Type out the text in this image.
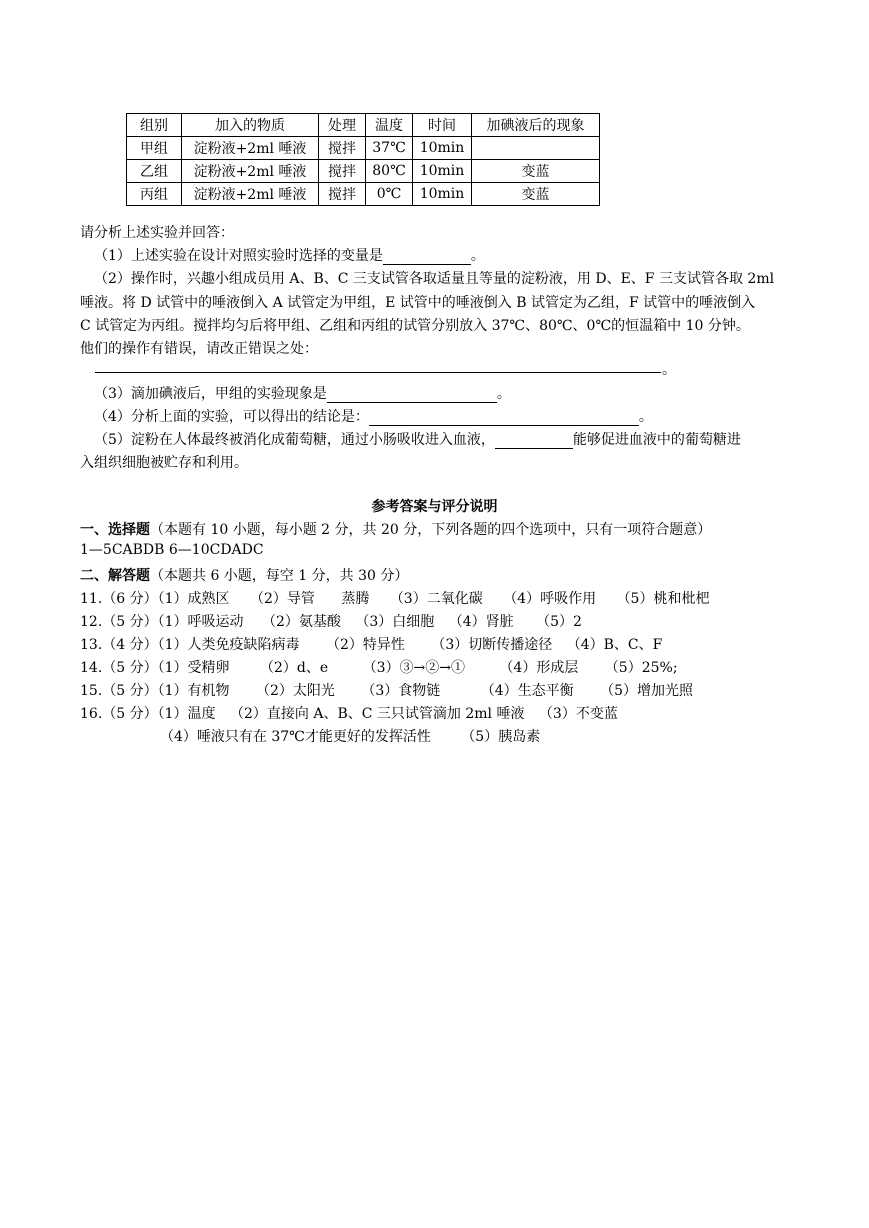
组别	加入的物质	处理	温度	时间	加碘液后的现象
甲组	淀粉液+2ml 唾液	搅拌	37℃	10min	
乙组	淀粉液+2ml 唾液	搅拌	80℃	10min	变蓝
丙组	淀粉液+2ml 唾液	搅拌	0℃	10min	变蓝
请分析上述实验并回答：
（1）上述实验在设计对照实验时选择的变量是	。
（2）操作时，兴趣小组成员用 A、B、C 三支试管各取适量且等量的淀粉液，用 D、E、F 三支试管各取 2ml
唾液。将 D 试管中的唾液倒入 A 试管定为甲组，E 试管中的唾液倒入 B 试管定为乙组，F 试管中的唾液倒入
C 试管定为丙组。搅拌均匀后将甲组、乙组和丙组的试管分别放入 37℃、80℃、0℃的恒温箱中 10 分钟。
他们的操作有错误，请改正错误之处：
。
（3）滴加碘液后，甲组的实验现象是	。
（4）分析上面的实验，可以得出的结论是：	。
（5）淀粉在人体最终被消化成葡萄糖，通过小肠吸收进入血液，	能够促进血液中的葡萄糖进
入组织细胞被贮存和利用。
参考答案与评分说明
一、选择题（本题有 10 小题，每小题 2 分，共 20 分，下列各题的四个选项中，只有一项符合题意）
1—5CABDB 6—10CDADC
二、解答题（本题共 6 小题，每空 1 分，共 30 分）
11.（6 分）（1）成熟区 （2）导管 蒸腾 （3）二氧化碳 （4）呼吸作用 （5）桃和枇杷
12.（5 分）（1）呼吸运动 （2）氨基酸 （3）白细胞 （4）肾脏 （5）2
13.（4 分）（1）人类免疫缺陷病毒 （2）特异性 （3）切断传播途径 （4）B、C、F
14.（5 分）（1）受精卵 （2）d、e （3）③→②→① （4）形成层 （5）25%;
15.（5 分）（1）有机物 （2）太阳光 （3）食物链	（4）生态平衡 （5）增加光照
16.（5 分）（1）温度 （2）直接向 A、B、C 三只试管滴加 2ml 唾液 （3）不变蓝
（4）唾液只有在 37℃才能更好的发挥活性 （5）胰岛素
